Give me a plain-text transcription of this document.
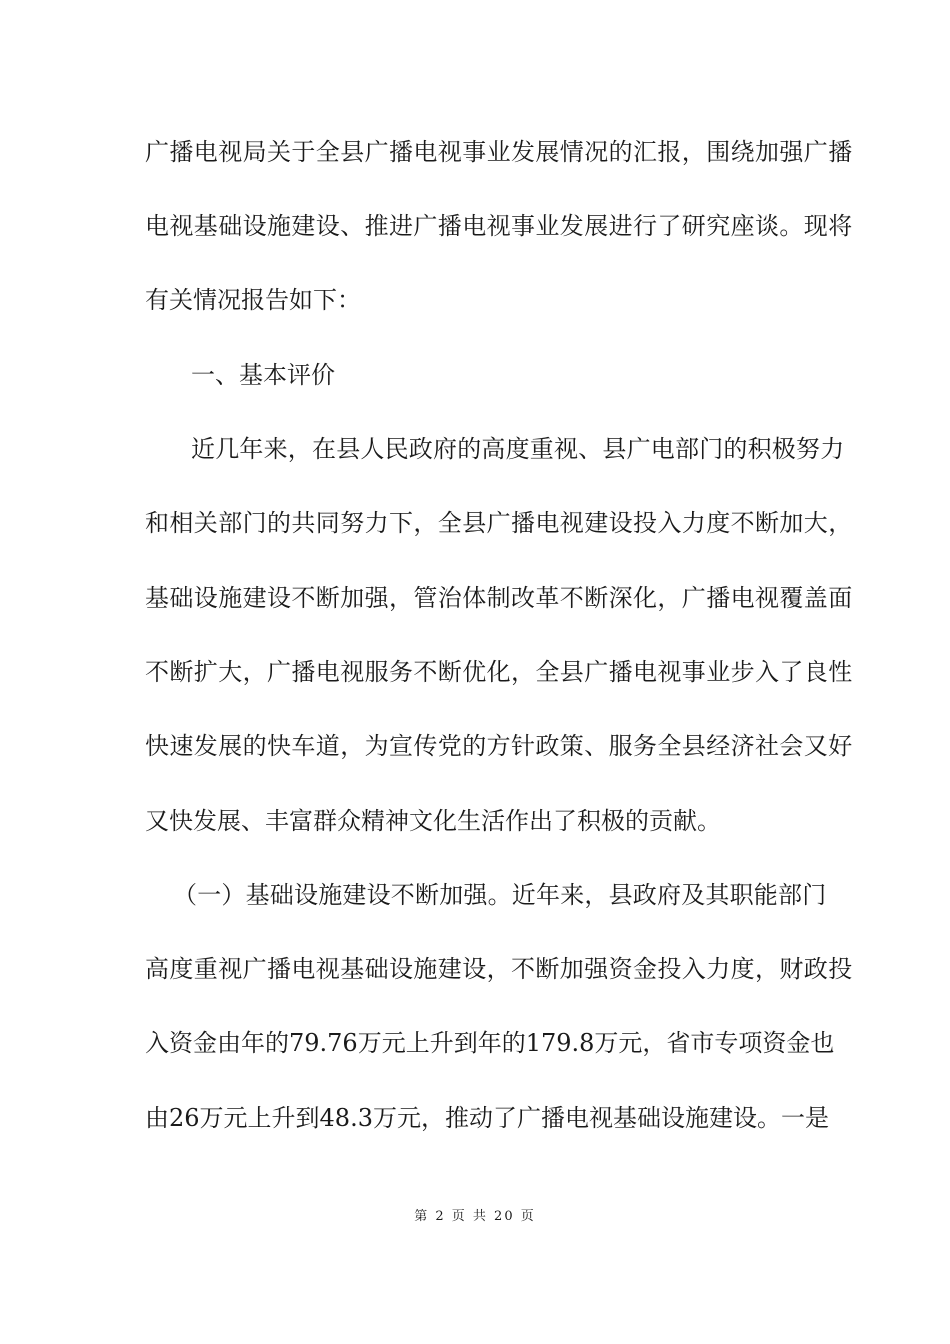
广播电视局关于全县广播电视事业发展情况的汇报，围绕加强广播
电视基础设施建设、推进广播电视事业发展进行了研究座谈。现将
有关情况报告如下：
一、基本评价
近几年来，在县人民政府的高度重视、县广电部门的积极努力
和相关部门的共同努力下，全县广播电视建设投入力度不断加大，
基础设施建设不断加强，管治体制改革不断深化，广播电视覆盖面
不断扩大，广播电视服务不断优化，全县广播电视事业步入了良性
快速发展的快车道，为宣传党的方针政策、服务全县经济社会又好
又快发展、丰富群众精神文化生活作出了积极的贡献。
（一）基础设施建设不断加强。近年来，县政府及其职能部门
高度重视广播电视基础设施建设，不断加强资金投入力度，财政投
入资金由年的79.76万元上升到年的179.8万元，省市专项资金也
由26万元上升到48.3万元，推动了广播电视基础设施建设。一是
第 2 页 共 20 页
